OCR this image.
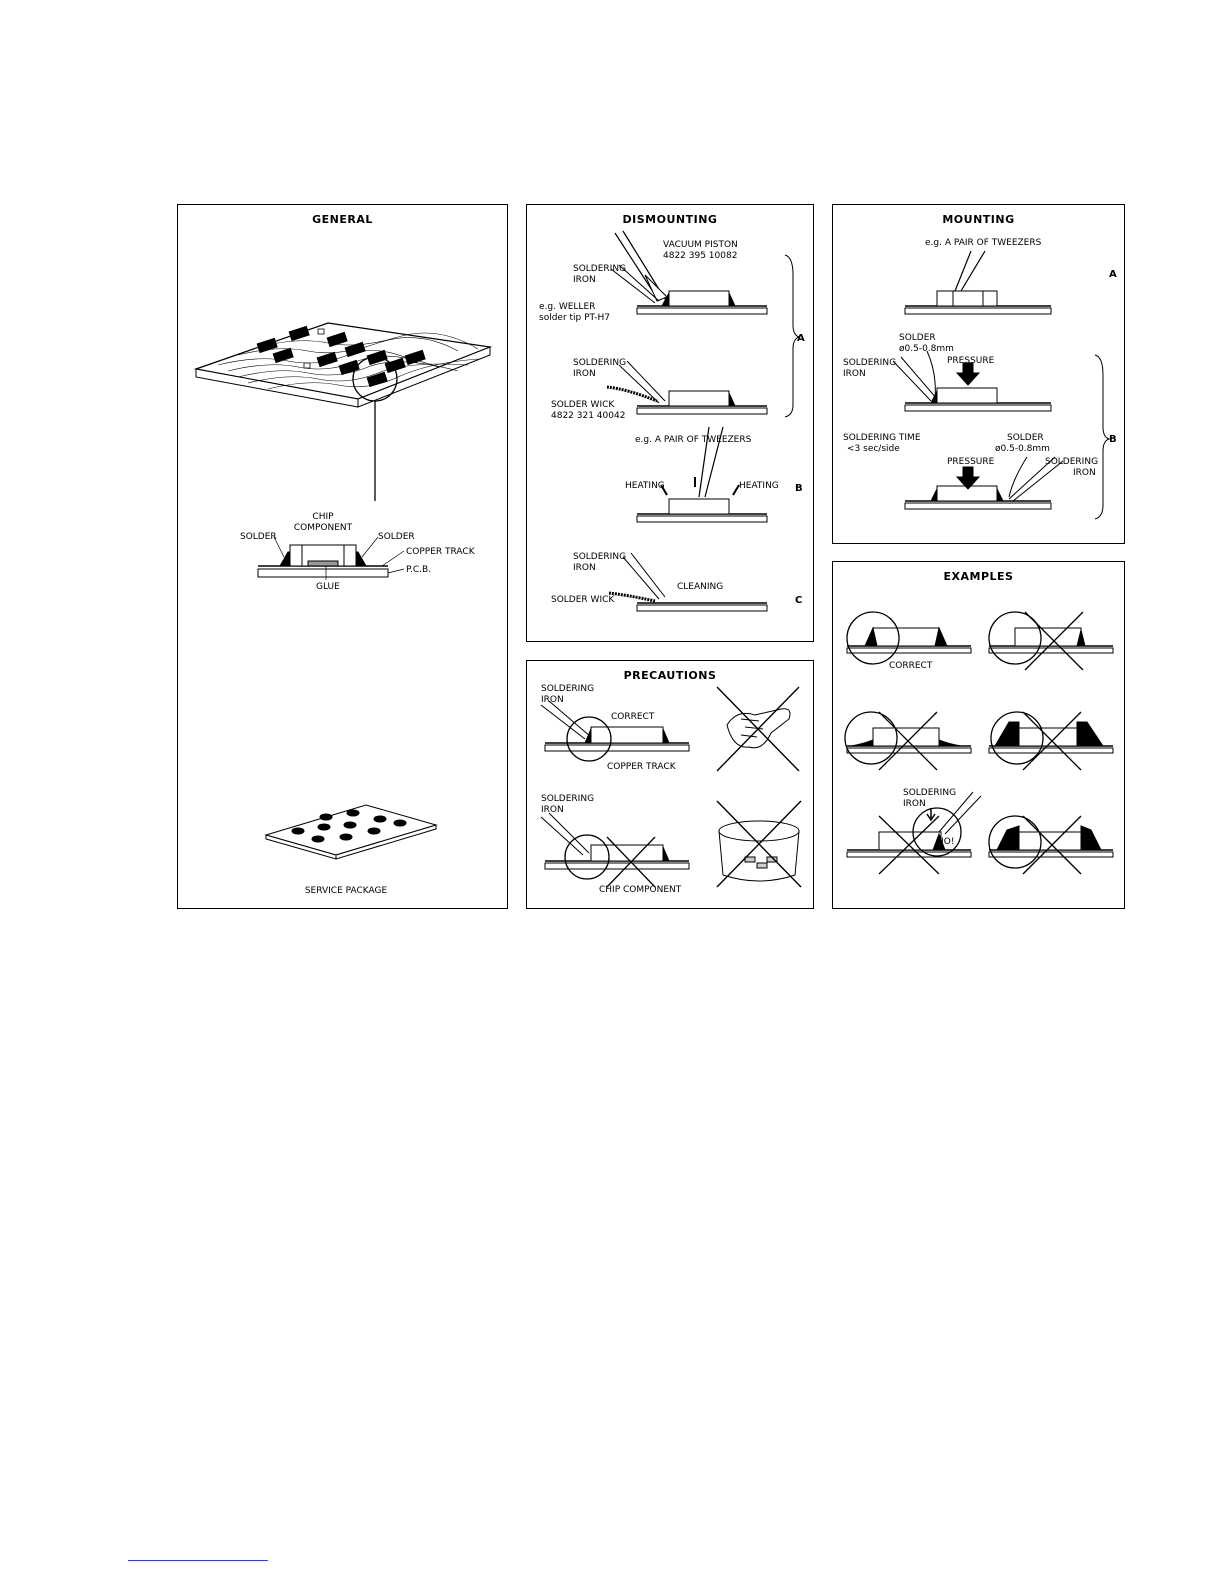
GENERAL
CHIP
COMPONENT
SOLDER	SOLDER
COPPER TRACK
P.C.B.
GLUE
SERVICE PACKAGE
DISMOUNTING
VACUUM PISTON
4822 395 10082
SOLDERING
IRON
e.g. WELLER
solder tip PT-H7
SOLDERING
IRON
SOLDER WICK
4822 321 40042
A
e.g. A PAIR OF TWEEZERS
HEATING	HEATING B
SOLDERING
IRON
CLEANING
SOLDER WICK	C
MOUNTING
e.g. A PAIR OF TWEEZERS
A
SOLDER
ø0.5-0.8mm
SOLDERING
IRON
PRESSURE
SOLDERING TIME
<3 sec/side
SOLDER
ø0.5-0.8mm
PRESSURE	SOLDERING
IRON
B
PRECAUTIONS
SOLDERING
IRON
CORRECT
COPPER TRACK
SOLDERING
IRON
CHIP COMPONENT
EXAMPLES
CORRECT
SOLDERING
IRON
NO!
